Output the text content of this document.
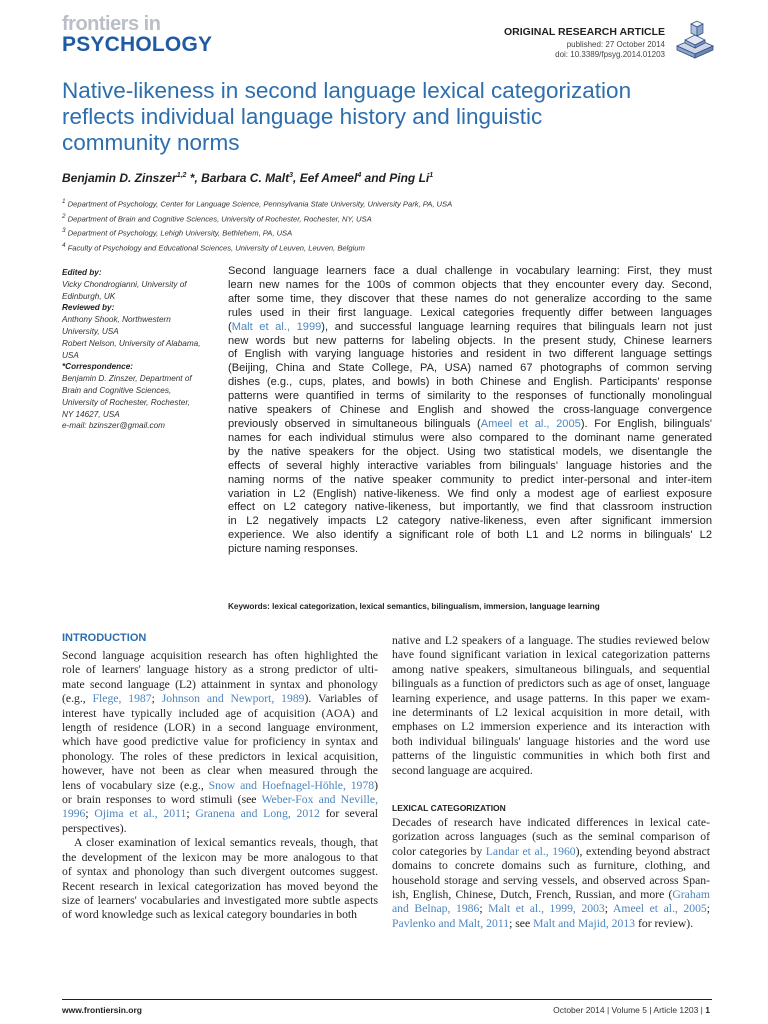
frontiers in
PSYCHOLOGY
ORIGINAL RESEARCH ARTICLE
published: 27 October 2014
doi: 10.3389/fpsyg.2014.01203
Native-likeness in second language lexical categorization
reflects individual language history and linguistic
community norms
Benjamin D. Zinszer$^{1,2}$ *, Barbara C. Malt$^3$, Eef Ameel$^4$ and Ping Li$^1$
$^1$ Department of Psychology, Center for Language Science, Pennsylvania State University, University Park, PA, USA
$^2$ Department of Brain and Cognitive Sciences, University of Rochester, Rochester, NY, USA
$^3$ Department of Psychology, Lehigh University, Bethlehem, PA, USA
$^4$ Faculty of Psychology and Educational Sciences, University of Leuven, Leuven, Belgium
Edited by:
Vicky Chondrogianni, University of
Edinburgh, UK
Reviewed by:
Anthony Shook, Northwestern
University, USA
Robert Nelson, University of Alabama,
USA
*Correspondence:
Benjamin D. Zinszer, Department of
Brain and Cognitive Sciences,
University of Rochester, Rochester,
NY 14627, USA
e-mail: bzinszer@gmail.com
Second language learners face a dual challenge in vocabulary learning: First, they must
learn new names for the 100s of common objects that they encounter every day. Second,
after some time, they discover that these names do not generalize according to the same
rules used in their first language. Lexical categories frequently differ between languages
(Malt et al., 1999), and successful language learning requires that bilinguals learn not just
new words but new patterns for labeling objects. In the present study, Chinese learners
of English with varying language histories and resident in two different language settings
(Beijing, China and State College, PA, USA) named 67 photographs of common serving
dishes (e.g., cups, plates, and bowls) in both Chinese and English. Participants' response
patterns were quantified in terms of similarity to the responses of functionally monolingual
native speakers of Chinese and English and showed the cross-language convergence
previously observed in simultaneous bilinguals (Ameel et al., 2005). For English, bilinguals'
names for each individual stimulus were also compared to the dominant name generated
by the native speakers for the object. Using two statistical models, we disentangle the
effects of several highly interactive variables from bilinguals' language histories and the
naming norms of the native speaker community to predict inter-personal and inter-item
variation in L2 (English) native-likeness. We find only a modest age of earliest exposure
effect on L2 category native-likeness, but importantly, we find that classroom instruction
in L2 negatively impacts L2 category native-likeness, even after significant immersion
experience. We also identify a significant role of both L1 and L2 norms in bilinguals' L2
picture naming responses.
Keywords: lexical categorization, lexical semantics, bilingualism, immersion, language learning
INTRODUCTION
Second language acquisition research has often highlighted the
role of learners' language history as a strong predictor of ulti-
mate second language (L2) attainment in syntax and phonology
(e.g., Flege, 1987; Johnson and Newport, 1989). Variables of
interest have typically included age of acquisition (AOA) and
length of residence (LOR) in a second language environment,
which have good predictive value for proficiency in syntax and
phonology. The roles of these predictors in lexical acquisition,
however, have not been as clear when measured through the
lens of vocabulary size (e.g., Snow and Hoefnagel-Höhle, 1978)
or brain responses to word stimuli (see Weber-Fox and Neville,
1996; Ojima et al., 2011; Granena and Long, 2012 for several
perspectives).
A closer examination of lexical semantics reveals, though, that
the development of the lexicon may be more analogous to that
of syntax and phonology than such divergent outcomes suggest.
Recent research in lexical categorization has moved beyond the
size of learners' vocabularies and investigated more subtle aspects
of word knowledge such as lexical category boundaries in both
native and L2 speakers of a language. The studies reviewed below
have found significant variation in lexical categorization patterns
among native speakers, simultaneous bilinguals, and sequential
bilinguals as a function of predictors such as age of onset, language
learning experience, and usage patterns. In this paper we exam-
ine determinants of L2 lexical acquisition in more detail, with
emphases on L2 immersion experience and its interaction with
both individual bilinguals' language histories and the word use
patterns of the linguistic communities in which both first and
second language are acquired.
LEXICAL CATEGORIZATION
Decades of research have indicated differences in lexical cate-
gorization across languages (such as the seminal comparison of
color categories by Landar et al., 1960), extending beyond abstract
domains to concrete domains such as furniture, clothing, and
household storage and serving vessels, and observed across Span-
ish, English, Chinese, Dutch, French, Russian, and more (Graham
and Belnap, 1986; Malt et al., 1999, 2003; Ameel et al., 2005;
Pavlenko and Malt, 2011; see Malt and Majid, 2013 for review).
www.frontiersin.org	October 2014 | Volume 5 | Article 1203 | 1
